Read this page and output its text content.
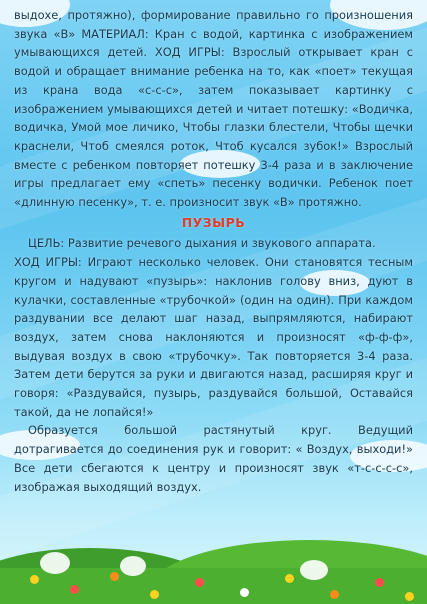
выдохе, протяжно), формирование правильно го произношения звука «В» МАТЕРИАЛ: Кран с водой, картинка с изображением умывающихся детей. ХОД ИГРЫ: Взрослый открывает кран с водой и обращает внимание ребенка на то, как «поет» текущая из крана вода «с-с-с», затем показывает картинку с изображением умывающихся детей и читает потешку: «Водичка, водичка, Умой мое личико, Чтобы глазки блестели, Чтобы щечки краснели, Чтоб смеялся роток, Чтоб кусался зубок!» Взрослый вместе с ребенком повторяет потешку 3-4 раза и в заключение игры предлагает ему «спеть» песенку водички. Ребенок поет «длинную песенку», т. е. произносит звук «В» протяжно.

ПУЗЫРЬ

ЦЕЛЬ: Развитие речевого дыхания и звукового аппарата.

ХОД ИГРЫ: Играют несколько человек. Они становятся тесным кругом и надувают «пузырь»: наклонив голову вниз, дуют в кулачки, составленные «трубочкой» (один на один). При каждом раздувании все делают шаг назад, выпрямляются, набирают воздух, затем снова наклоняются и произносят «ф-ф-ф», выдувая воздух в свою «трубочку». Так повторяется 3-4 раза. Затем дети берутся за руки и двигаются назад, расширяя круг и говоря: «Раздувайся, пузырь, раздувайся большой, Оставайся такой, да не лопайся!»

Образуется большой растянутый круг. Ведущий дотрагивается до соединения рук и говорит: « Воздух, выходи!» Все дети сбегаются к центру и произносят звук «т-с-с-с-с», изображая выходящий воздух.
